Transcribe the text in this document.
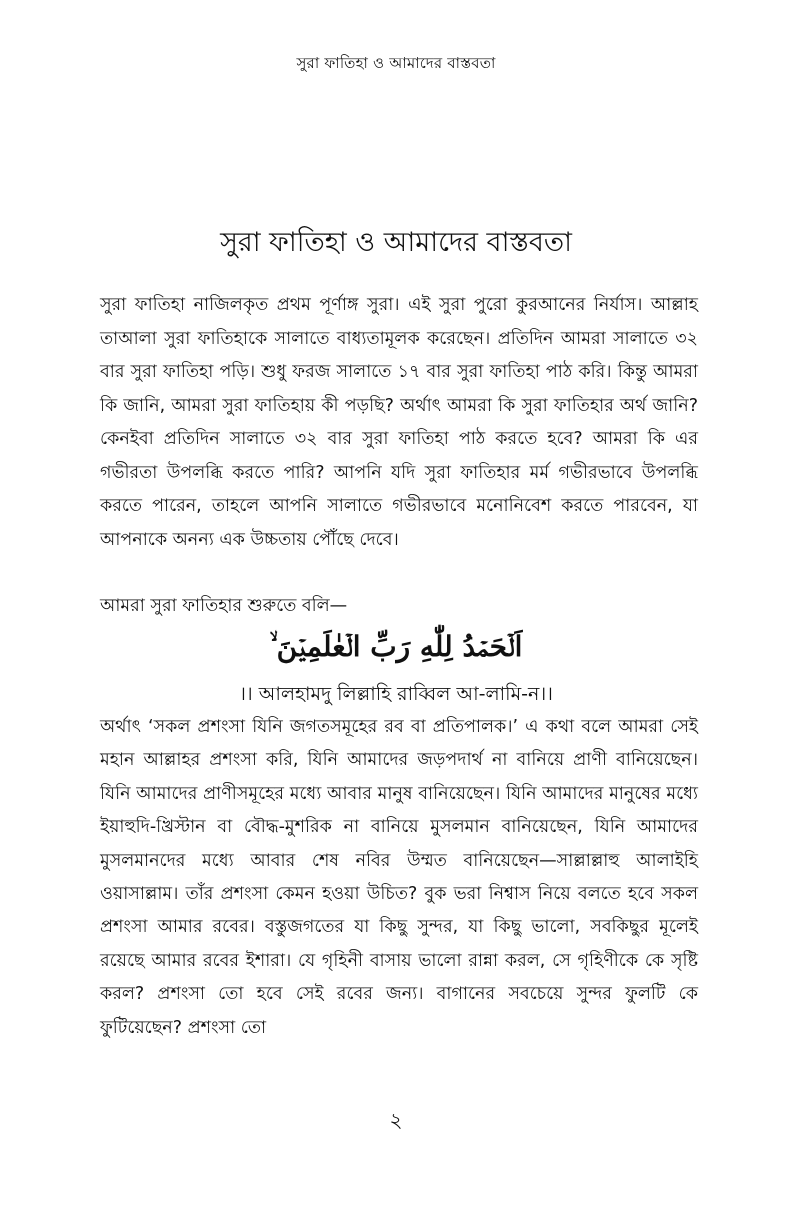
সুরা ফাতিহা ও আমাদের বাস্তবতা
সুরা ফাতিহা ও আমাদের বাস্তবতা

সুরা ফাতিহা নাজিলকৃত প্রথম পূর্ণাঙ্গ সুরা। এই সুরা পুরো কুরআনের নির্যাস। আল্লাহ তাআলা সুরা ফাতিহাকে সালাতে বাধ্যতামূলক করেছেন। প্রতিদিন আমরা সালাতে ৩২ বার সুরা ফাতিহা পড়ি। শুধু ফরজ সালাতে ১৭ বার সুরা ফাতিহা পাঠ করি। কিন্তু আমরা কি জানি, আমরা সুরা ফাতিহায় কী পড়ছি? অর্থাৎ আমরা কি সুরা ফাতিহার অর্থ জানি? কেনইবা প্রতিদিন সালাতে ৩২ বার সুরা ফাতিহা পাঠ করতে হবে? আমরা কি এর গভীরতা উপলব্ধি করতে পারি? আপনি যদি সুরা ফাতিহার মর্ম গভীরভাবে উপলব্ধি করতে পারেন, তাহলে আপনি সালাতে গভীরভাবে মনোনিবেশ করতে পারবেন, যা আপনাকে অনন্য এক উচ্চতায় পৌঁছে দেবে।

আমরা সুরা ফাতিহার শুরুতে বলি—

اَلۡحَمۡدُ لِلّٰهِ رَبِّ الۡعٰلَمِیۡنَ ۙ

।। আলহামদু লিল্লাহি রাব্বিল আ-লামি-ন।।

অর্থাৎ ‘সকল প্রশংসা যিনি জগতসমূহের রব বা প্রতিপালক।’ এ কথা বলে আমরা সেই মহান আল্লাহর প্রশংসা করি, যিনি আমাদের জড়পদার্থ না বানিয়ে প্রাণী বানিয়েছেন। যিনি আমাদের প্রাণীসমূহের মধ্যে আবার মানুষ বানিয়েছেন। যিনি আমাদের মানুষের মধ্যে ইয়াহুদি-খ্রিস্টান বা বৌদ্ধ-মুশরিক না বানিয়ে মুসলমান বানিয়েছেন, যিনি আমাদের মুসলমানদের মধ্যে আবার শেষ নবির উম্মত বানিয়েছেন—সাল্লাল্লাহু আলাইহি ওয়াসাল্লাম। তাঁর প্রশংসা কেমন হওয়া উচিত? বুক ভরা নিশ্বাস নিয়ে বলতে হবে সকল প্রশংসা আমার রবের। বস্তুজগতের যা কিছু সুন্দর, যা কিছু ভালো, সবকিছুর মূলেই রয়েছে আমার রবের ইশারা। যে গৃহিনী বাসায় ভালো রান্না করল, সে গৃহিণীকে কে সৃষ্টি করল? প্রশংসা তো হবে সেই রবের জন্য। বাগানের সবচেয়ে সুন্দর ফুলটি কে ফুটিয়েছেন? প্রশংসা তো

২
